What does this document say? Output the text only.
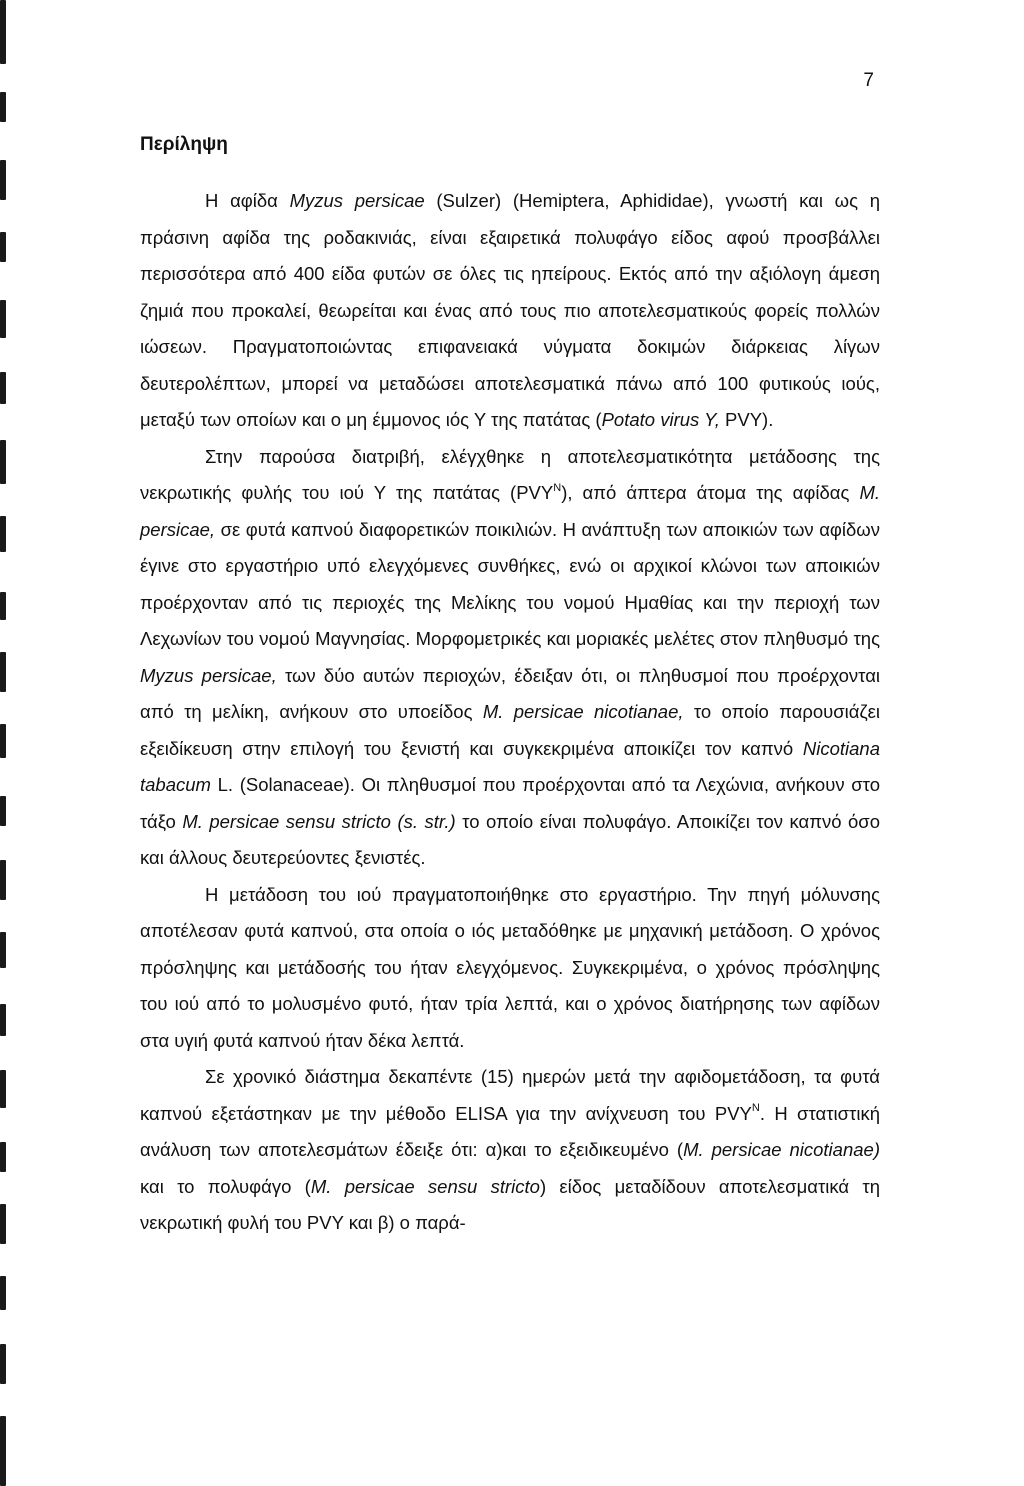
7

Περίληψη

Η αφίδα Myzus persicae (Sulzer) (Hemiptera, Aphididae), γνωστή και ως η πράσινη αφίδα της ροδακινιάς, είναι εξαιρετικά πολυφάγο είδος αφού προσβάλλει περισσότερα από 400 είδα φυτών σε όλες τις ηπείρους. Εκτός από την αξιόλογη άμεση ζημιά που προκαλεί, θεωρείται και ένας από τους πιο αποτελεσματικούς φορείς πολλών ιώσεων. Πραγματοποιώντας επιφανειακά νύγματα δοκιμών διάρκειας λίγων δευτερολέπτων, μπορεί να μεταδώσει αποτελεσματικά πάνω από 100 φυτικούς ιούς, μεταξύ των οποίων και ο μη έμμονος ιός Υ της πατάτας (Potato virus Y, PVY).

Στην παρούσα διατριβή, ελέγχθηκε η αποτελεσματικότητα μετάδοσης της νεκρωτικής φυλής του ιού Υ της πατάτας $(PVY^N)$, από άπτερα άτομα της αφίδας M. persicae, σε φυτά καπνού διαφορετικών ποικιλιών. Η ανάπτυξη των αποικιών των αφίδων έγινε στο εργαστήριο υπό ελεγχόμενες συνθήκες, ενώ οι αρχικοί κλώνοι των αποικιών προέρχονταν από τις περιοχές της Μελίκης του νομού Ημαθίας και την περιοχή των Λεχωνίων του νομού Μαγνησίας. Μορφομετρικές και μοριακές μελέτες στον πληθυσμό της Myzus persicae, των δύο αυτών περιοχών, έδειξαν ότι, οι πληθυσμοί που προέρχονται από τη μελίκη, ανήκουν στο υποείδος M. persicae nicotianae, το οποίο παρουσιάζει εξειδίκευση στην επιλογή του ξενιστή και συγκεκριμένα αποικίζει τον καπνό Nicotiana tabacum L. (Solanaceae). Οι πληθυσμοί που προέρχονται από τα Λεχώνια, ανήκουν στο τάξο M. persicae sensu stricto (s. str.) το οποίο είναι πολυφάγο. Αποικίζει τον καπνό όσο και άλλους δευτερεύοντες ξενιστές.

Η μετάδοση του ιού πραγματοποιήθηκε στο εργαστήριο. Την πηγή μόλυνσης αποτέλεσαν φυτά καπνού, στα οποία ο ιός μεταδόθηκε με μηχανική μετάδοση. Ο χρόνος πρόσληψης και μετάδοσής του ήταν ελεγχόμενος. Συγκεκριμένα, ο χρόνος πρόσληψης του ιού από το μολυσμένο φυτό, ήταν τρία λεπτά, και ο χρόνος διατήρησης των αφίδων στα υγιή φυτά καπνού ήταν δέκα λεπτά.

Σε χρονικό διάστημα δεκαπέντε (15) ημερών μετά την αφιδομετάδοση, τα φυτά καπνού εξετάστηκαν με την μέθοδο ELISA για την ανίχνευση του $PVY^N$. Η στατιστική ανάλυση των αποτελεσμάτων έδειξε ότι: α)και το εξειδικευμένο (M. persicae nicotianae) και το πολυφάγο (M. persicae sensu stricto) είδος μεταδίδουν αποτελεσματικά τη νεκρωτική φυλή του PVY και β) ο παρά-
